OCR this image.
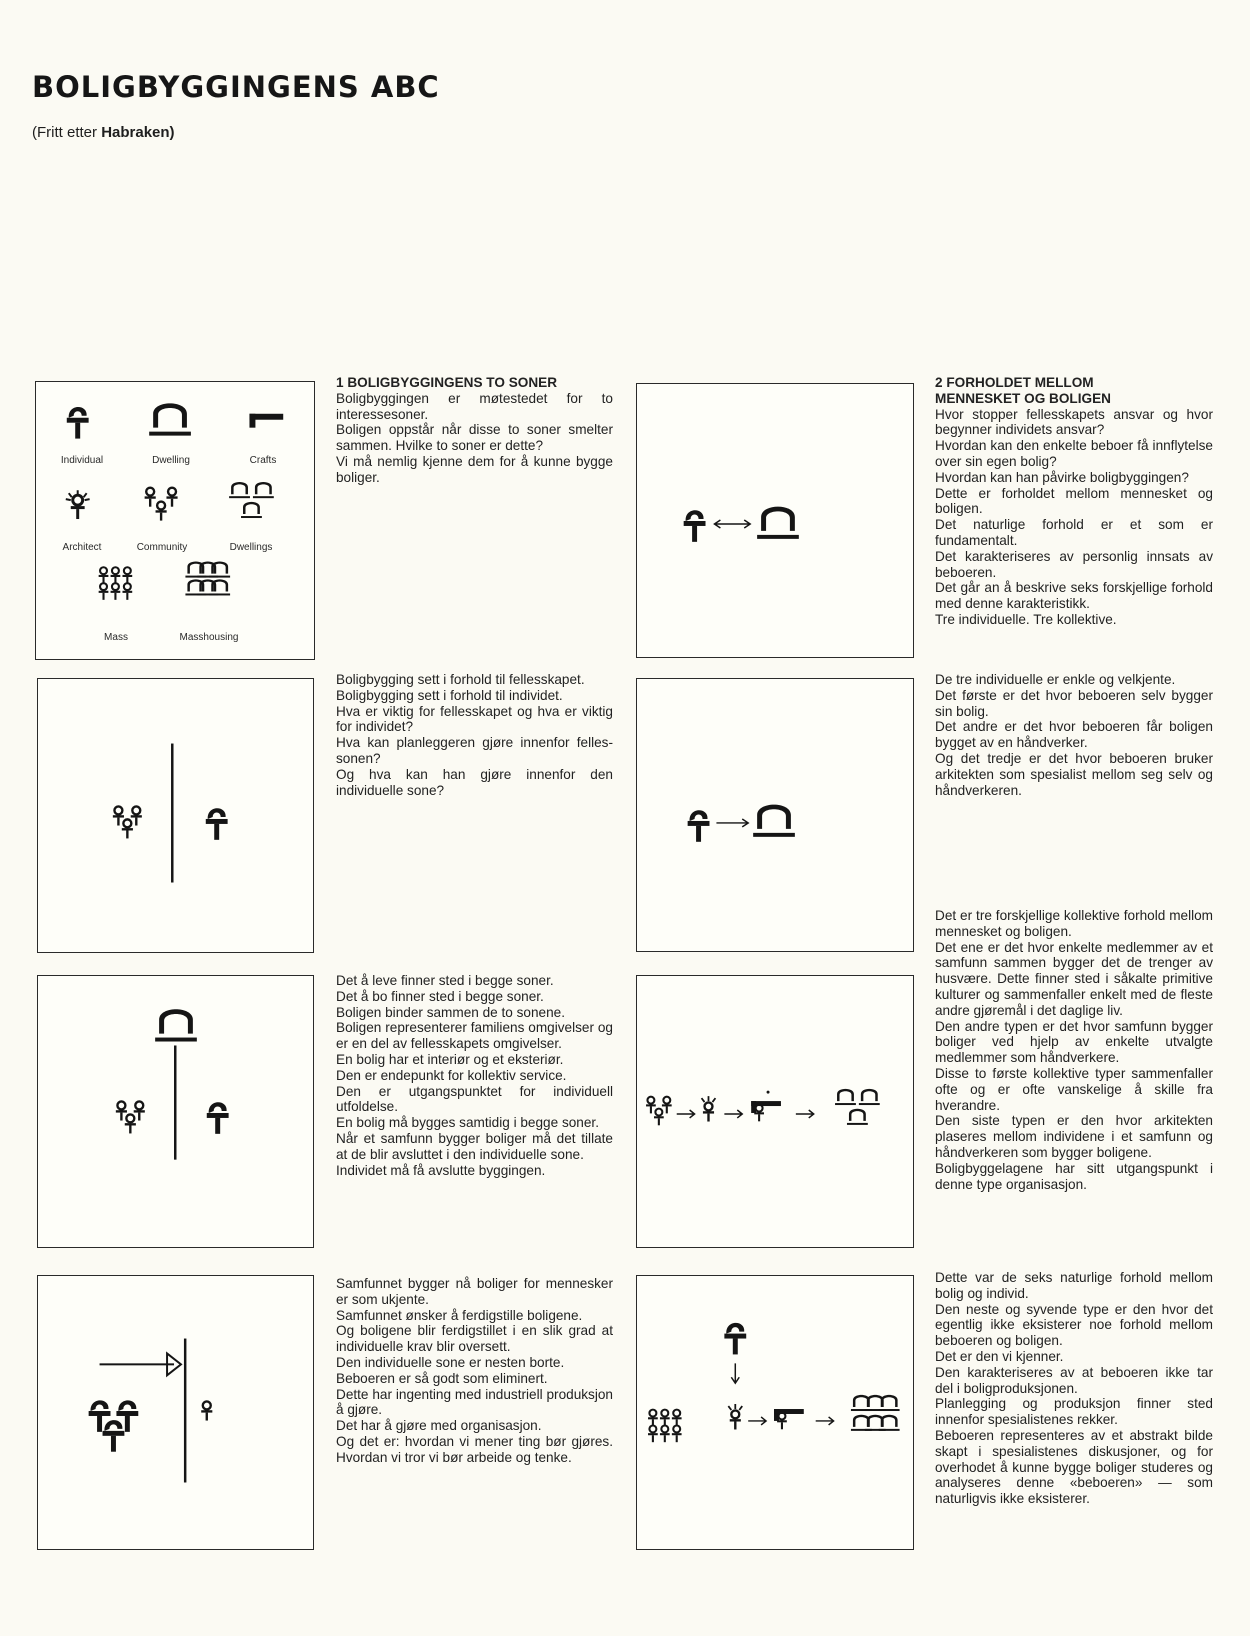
BOLIGBYGGINGENS ABC
(Fritt etter Habraken)
Individual	Dwelling	Crafts
Architect	Community	Dwellings
Mass	Masshousing

1 BOLIGBYGGINGENS TO SONER

Boligbyggingen er møtestedet for to interessesoner.

Boligen oppstår når disse to soner smelter sammen. Hvilke to soner er dette?

Vi må nemlig kjenne dem for å kunne bygge boliger.

Boligbygging sett i forhold til fellesskapet.

Boligbygging sett i forhold til individet.

Hva er viktig for fellesskapet og hva er viktig for individet?

Hva kan planleggeren gjøre innenfor felles-sonen?

Og hva kan han gjøre innenfor den individuelle sone?

Det å leve finner sted i begge soner.

Det å bo finner sted i begge soner.

Boligen binder sammen de to sonene.

Boligen representerer familiens omgivelser og er en del av fellesskapets omgivelser.

En bolig har et interiør og et eksteriør.

Den er endepunkt for kollektiv service.

Den er utgangspunktet for individuell utfoldelse.

En bolig må bygges samtidig i begge soner.

Når et samfunn bygger boliger må det tillate at de blir avsluttet i den individuelle sone.

Individet må få avslutte byggingen.

Samfunnet bygger nå boliger for mennesker er som ukjente.

Samfunnet ønsker å ferdigstille boligene.

Og boligene blir ferdigstillet i en slik grad at individuelle krav blir oversett.

Den individuelle sone er nesten borte.

Beboeren er så godt som eliminert.

Dette har ingenting med industriell produksjon å gjøre.

Det har å gjøre med organisasjon.

Og det er: hvordan vi mener ting bør gjøres. Hvordan vi tror vi bør arbeide og tenke.

2 FORHOLDET MELLOM

MENNESKET OG BOLIGEN

Hvor stopper fellesskapets ansvar og hvor begynner individets ansvar?

Hvordan kan den enkelte beboer få innflytelse over sin egen bolig?

Hvordan kan han påvirke boligbyggingen?

Dette er forholdet mellom mennesket og boligen.

Det naturlige forhold er et som er fundamentalt.

Det karakteriseres av personlig innsats av beboeren.

Det går an å beskrive seks forskjellige forhold med denne karakteristikk.

Tre individuelle. Tre kollektive.

De tre individuelle er enkle og velkjente.

Det første er det hvor beboeren selv bygger sin bolig.

Det andre er det hvor beboeren får boligen bygget av en håndverker.

Og det tredje er det hvor beboeren bruker arkitekten som spesialist mellom seg selv og håndverkeren.

Det er tre forskjellige kollektive forhold mellom mennesket og boligen.

Det ene er det hvor enkelte medlemmer av et samfunn sammen bygger det de trenger av husvære. Dette finner sted i såkalte primitive kulturer og sammenfaller enkelt med de fleste andre gjøremål i det daglige liv.

Den andre typen er det hvor samfunn bygger boliger ved hjelp av enkelte utvalgte medlemmer som håndverkere.

Disse to første kollektive typer sammenfaller ofte og er ofte vanskelige å skille fra hverandre.

Den siste typen er den hvor arkitekten plaseres mellom individene i et samfunn og håndverkeren som bygger boligene.

Boligbyggelagene har sitt utgangspunkt i denne type organisasjon.

Dette var de seks naturlige forhold mellom bolig og individ.

Den neste og syvende type er den hvor det egentlig ikke eksisterer noe forhold mellom beboeren og boligen.

Det er den vi kjenner.

Den karakteriseres av at beboeren ikke tar del i boligproduksjonen.

Planlegging og produksjon finner sted innenfor spesialistenes rekker.

Beboeren representeres av et abstrakt bilde skapt i spesialistenes diskusjoner, og for overhodet å kunne bygge boliger studeres og analyseres denne «beboeren» — som naturligvis ikke eksisterer.
